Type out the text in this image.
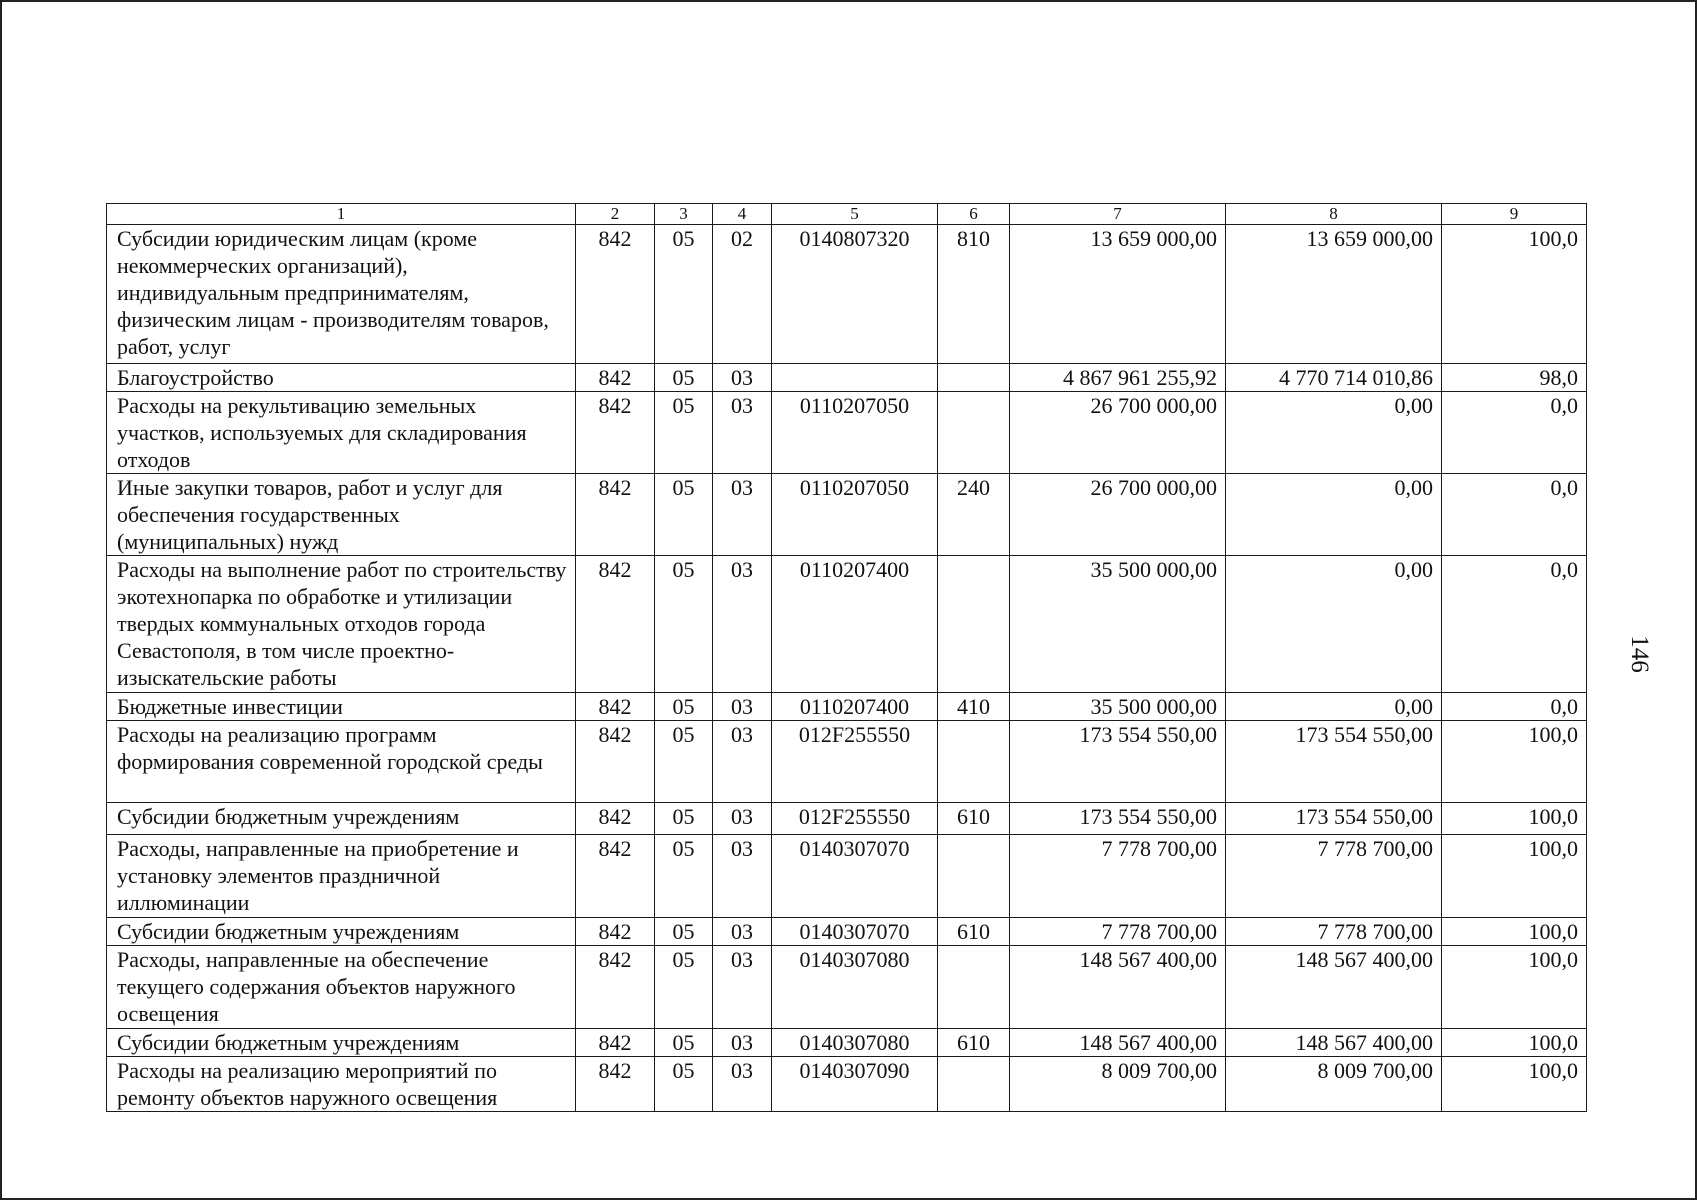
1	2	3	4	5	6	7	8	9
Субсидии юридическим лицам (кроме некоммерческих организаций), индивидуальным предпринимателям, физическим лицам - производителям товаров, работ, услуг	842	05	02	0140807320	810	13 659 000,00	13 659 000,00	100,0
Благоустройство	842	05	03			4 867 961 255,92	4 770 714 010,86	98,0
Расходы на рекультивацию земельных участков, используемых для складирования отходов	842	05	03	0110207050		26 700 000,00	0,00	0,0
Иные закупки товаров, работ и услуг для обеспечения государственных (муниципальных) нужд	842	05	03	0110207050	240	26 700 000,00	0,00	0,0
Расходы на выполнение работ по строительству экотехнопарка по обработке и утилизации твердых коммунальных отходов города Севастополя, в том числе проектно-изыскательские работы	842	05	03	0110207400		35 500 000,00	0,00	0,0
Бюджетные инвестиции	842	05	03	0110207400	410	35 500 000,00	0,00	0,0
Расходы на реализацию программ формирования современной городской среды	842	05	03	012F255550		173 554 550,00	173 554 550,00	100,0
Субсидии бюджетным учреждениям	842	05	03	012F255550	610	173 554 550,00	173 554 550,00	100,0
Расходы, направленные на приобретение и установку элементов праздничной иллюминации	842	05	03	0140307070		7 778 700,00	7 778 700,00	100,0
Субсидии бюджетным учреждениям	842	05	03	0140307070	610	7 778 700,00	7 778 700,00	100,0
Расходы, направленные на обеспечение текущего содержания объектов наружного освещения	842	05	03	0140307080		148 567 400,00	148 567 400,00	100,0
Субсидии бюджетным учреждениям	842	05	03	0140307080	610	148 567 400,00	148 567 400,00	100,0
Расходы на реализацию мероприятий по ремонту объектов наружного освещения	842	05	03	0140307090		8 009 700,00	8 009 700,00	100,0
146
